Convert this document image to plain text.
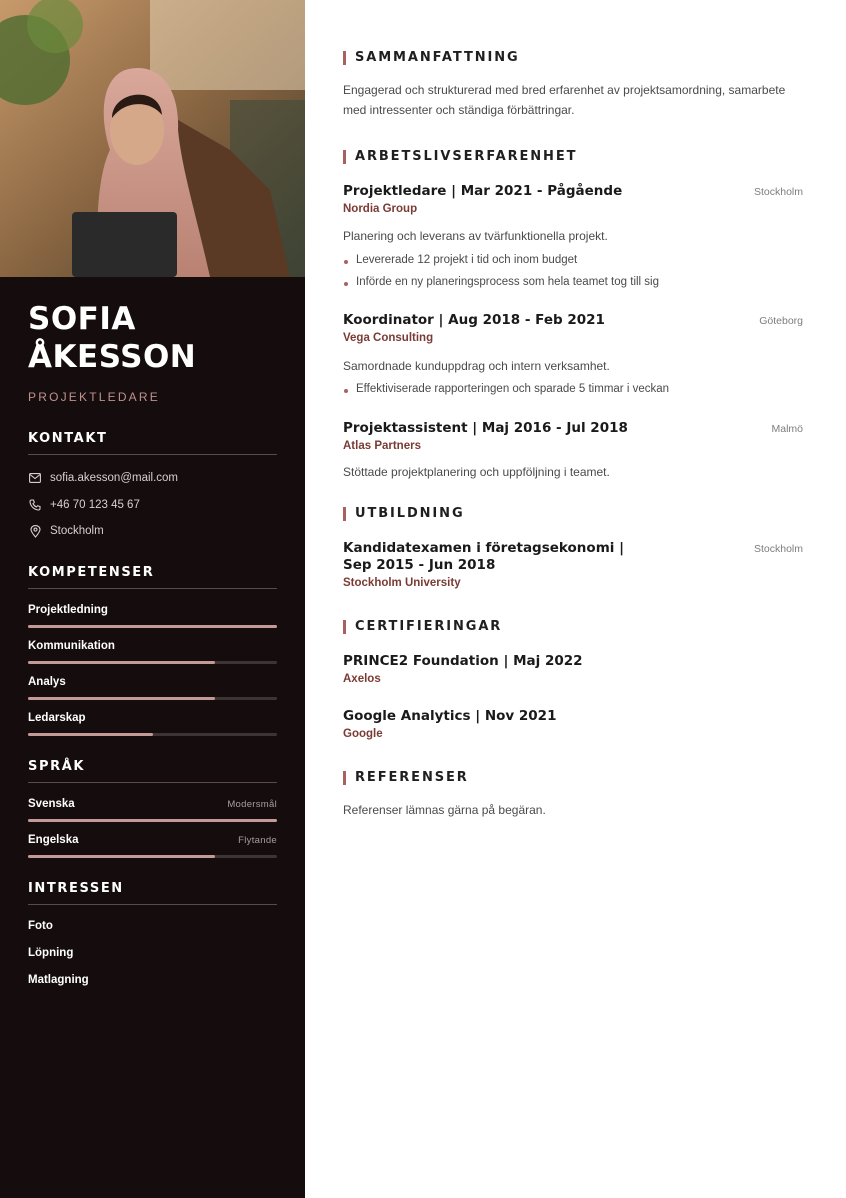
SOFIA
ÅKESSON
PROJEKTLEDARE
KONTAKT
sofia.akesson@mail.com
+46 70 123 45 67
Stockholm
KOMPETENSER
Projektledning
Kommunikation
Analys
Ledarskap
SPRÅK
Svenska	Modersmål
Engelska	Flytande
INTRESSEN
Foto
Löpning
Matlagning
SAMMANFATTNING
Engagerad och strukturerad med bred erfarenhet av projektsamordning, samarbete med intressenter och ständiga förbättringar.
ARBETSLIVSERFARENHET
Projektledare | Mar 2021 - Pågående	Stockholm
Nordia Group
Planering och leverans av tvärfunktionella projekt.
Levererade 12 projekt i tid och inom budget
Införde en ny planeringsprocess som hela teamet tog till sig
Koordinator | Aug 2018 - Feb 2021	Göteborg
Vega Consulting
Samordnade kunduppdrag och intern verksamhet.
Effektiviserade rapporteringen och sparade 5 timmar i veckan
Projektassistent | Maj 2016 - Jul 2018	Malmö
Atlas Partners
Stöttade projektplanering och uppföljning i teamet.
UTBILDNING
Kandidatexamen i företagsekonomi |
Sep 2015 - Jun 2018
Stockholm
Stockholm University
CERTIFIERINGAR
PRINCE2 Foundation | Maj 2022
Axelos
Google Analytics | Nov 2021
Google
REFERENSER
Referenser lämnas gärna på begäran.
